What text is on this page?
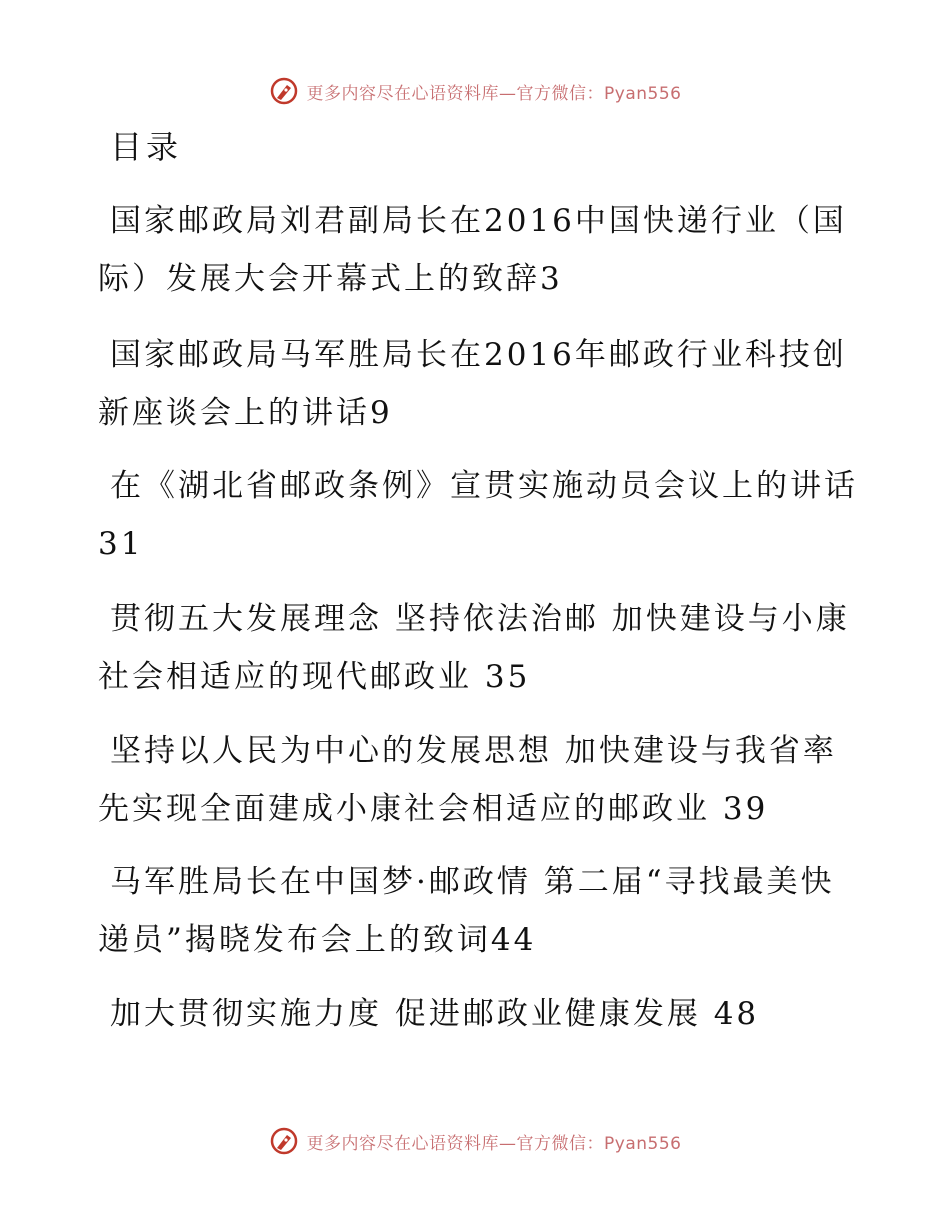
更多内容尽在心语资料库—官方微信：Pyan556
目录

国家邮政局刘君副局长在2016中国快递行业（国际）发展大会开幕式上的致辞3

国家邮政局马军胜局长在2016年邮政行业科技创新座谈会上的讲话9

在《湖北省邮政条例》宣贯实施动员会议上的讲话 31

贯彻五大发展理念 坚持依法治邮 加快建设与小康社会相适应的现代邮政业 35

坚持以人民为中心的发展思想 加快建设与我省率先实现全面建成小康社会相适应的邮政业 39

马军胜局长在中国梦·邮政情 第二届“寻找最美快递员”揭晓发布会上的致词44

加大贯彻实施力度 促进邮政业健康发展 48

更多内容尽在心语资料库—官方微信：Pyan556
